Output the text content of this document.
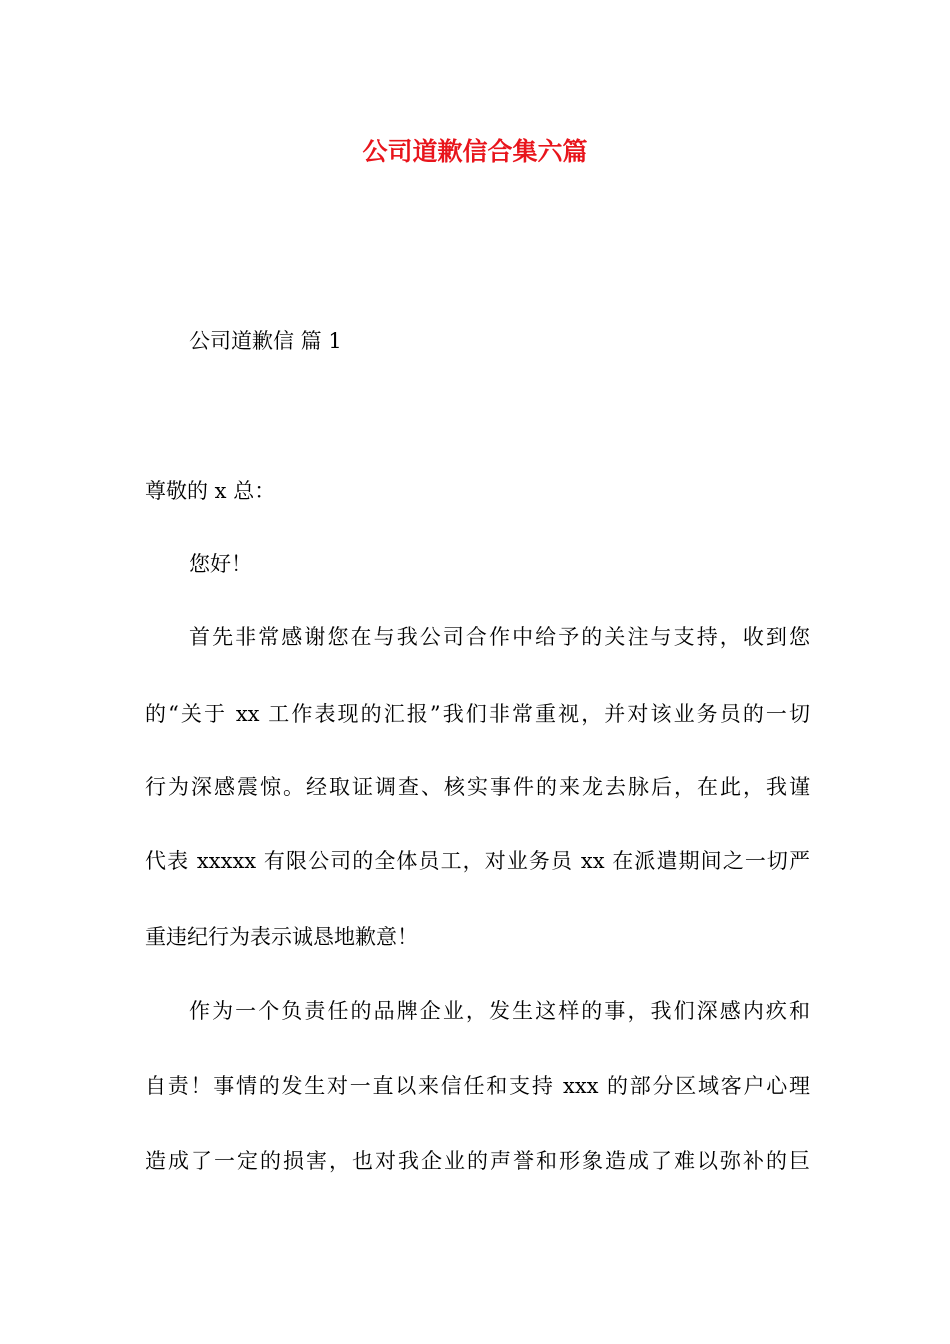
公司道歉信合集六篇
公司道歉信 篇 1
尊敬的 x 总：
您好！
首先非常感谢您在与我公司合作中给予的关注与支持，收到您
的“关于 xx 工作表现的汇报”我们非常重视，并对该业务员的一切
行为深感震惊。经取证调查、核实事件的来龙去脉后，在此，我谨
代表 xxxxx 有限公司的全体员工，对业务员 xx 在派遣期间之一切严
重违纪行为表示诚恳地歉意！
作为一个负责任的品牌企业，发生这样的事，我们深感内疚和
自责！事情的发生对一直以来信任和支持 xxx 的部分区域客户心理
造成了一定的损害，也对我企业的声誉和形象造成了难以弥补的巨
